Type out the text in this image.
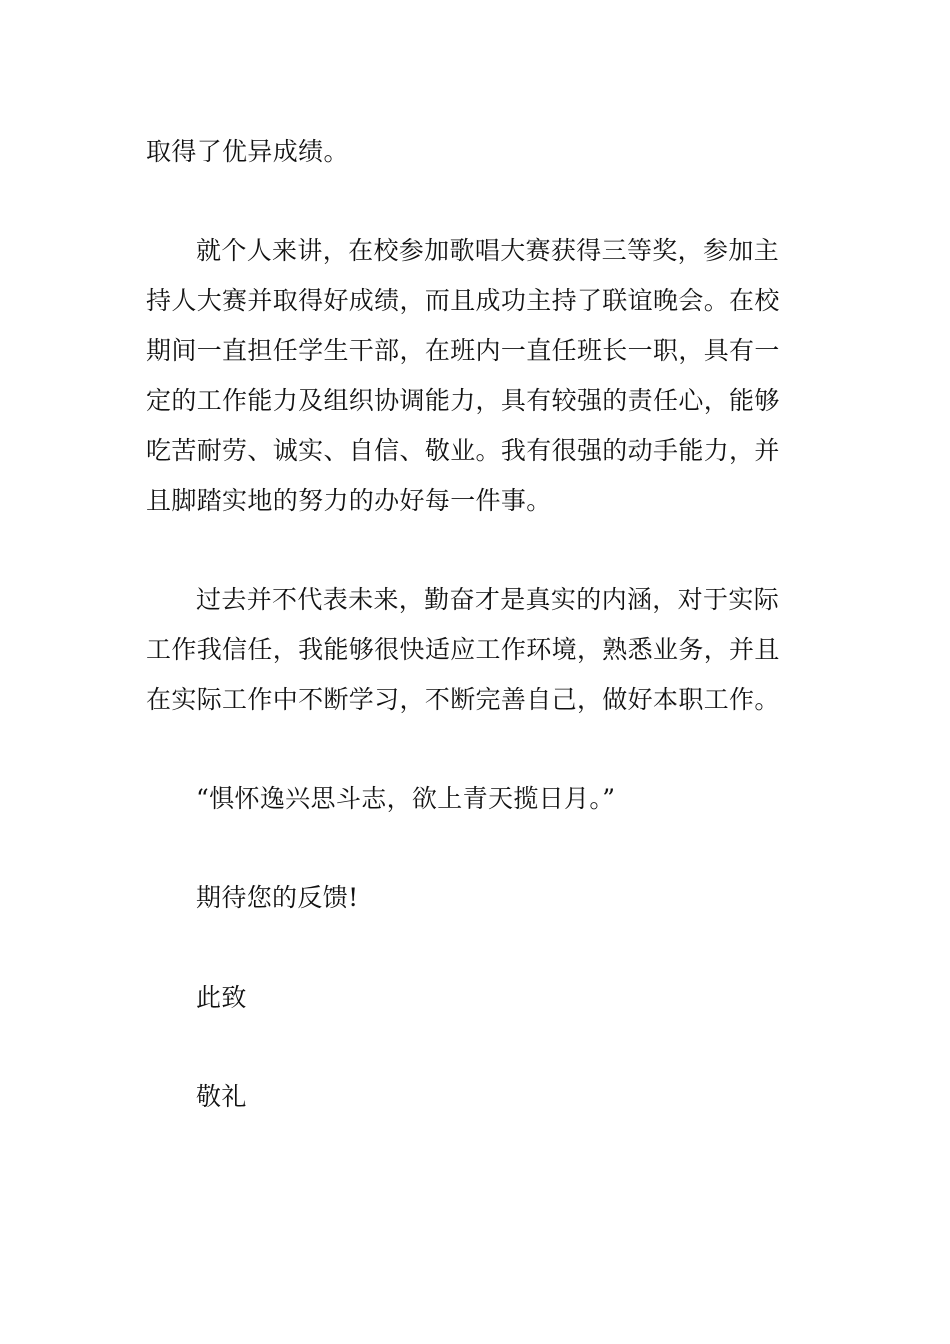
取得了优异成绩。
就个人来讲，在校参加歌唱大赛获得三等奖，参加主
持人大赛并取得好成绩，而且成功主持了联谊晚会。在校
期间一直担任学生干部，在班内一直任班长一职，具有一
定的工作能力及组织协调能力，具有较强的责任心，能够
吃苦耐劳、诚实、自信、敬业。我有很强的动手能力，并
且脚踏实地的努力的办好每一件事。
过去并不代表未来，勤奋才是真实的内涵，对于实际
工作我信任，我能够很快适应工作环境，熟悉业务，并且
在实际工作中不断学习，不断完善自己，做好本职工作。
“惧怀逸兴思斗志，欲上青天揽日月。”
期待您的反馈!
此致
敬礼
